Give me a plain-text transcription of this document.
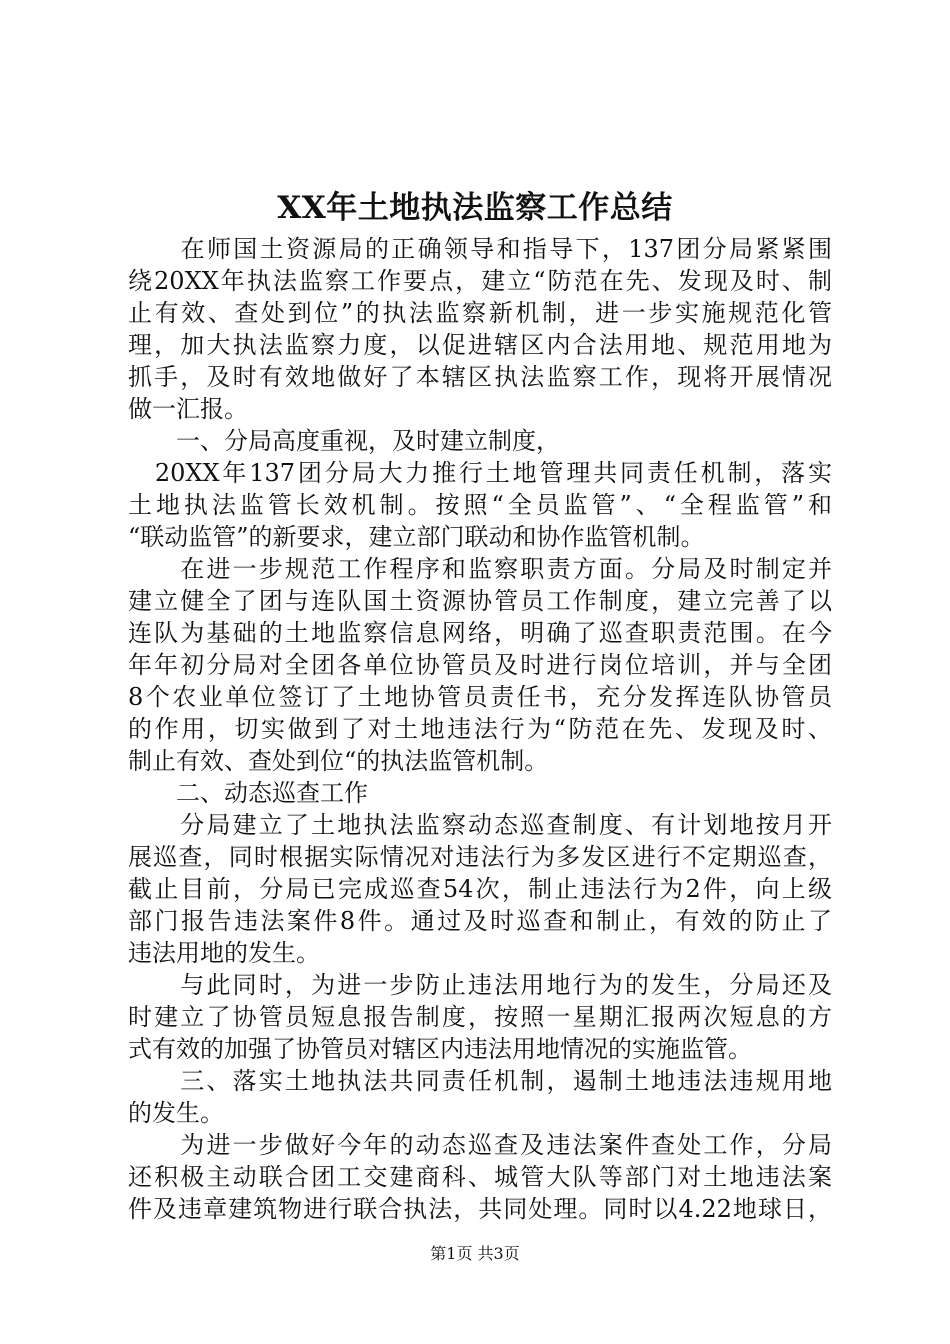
XX年土地执法监察工作总结
　　在师国土资源局的正确领导和指导下，137团分局紧紧围
绕20XX年执法监察工作要点，建立“防范在先、发现及时、制
止有效、查处到位”的执法监察新机制，进一步实施规范化管
理，加大执法监察力度，以促进辖区内合法用地、规范用地为
抓手，及时有效地做好了本辖区执法监察工作，现将开展情况
做一汇报。
　　一、分局高度重视，及时建立制度，
　20XX年137团分局大力推行土地管理共同责任机制，落实
土地执法监管长效机制。按照“全员监管”、“全程监管”和
“联动监管”的新要求，建立部门联动和协作监管机制。
　　在进一步规范工作程序和监察职责方面。分局及时制定并
建立健全了团与连队国土资源协管员工作制度，建立完善了以
连队为基础的土地监察信息网络，明确了巡查职责范围。在今
年年初分局对全团各单位协管员及时进行岗位培训，并与全团
8个农业单位签订了土地协管员责任书，充分发挥连队协管员
的作用，切实做到了对土地违法行为“防范在先、发现及时、
制止有效、查处到位“的执法监管机制。
　　二、动态巡查工作
　　分局建立了土地执法监察动态巡查制度、有计划地按月开
展巡查，同时根据实际情况对违法行为多发区进行不定期巡查，
截止目前，分局已完成巡查54次，制止违法行为2件，向上级
部门报告违法案件8件。通过及时巡查和制止，有效的防止了
违法用地的发生。
　　与此同时，为进一步防止违法用地行为的发生，分局还及
时建立了协管员短息报告制度，按照一星期汇报两次短息的方
式有效的加强了协管员对辖区内违法用地情况的实施监管。
　　三、落实土地执法共同责任机制，遏制土地违法违规用地
的发生。
　　为进一步做好今年的动态巡查及违法案件查处工作，分局
还积极主动联合团工交建商科、城管大队等部门对土地违法案
件及违章建筑物进行联合执法，共同处理。同时以4.22地球日，
第1页 共3页
